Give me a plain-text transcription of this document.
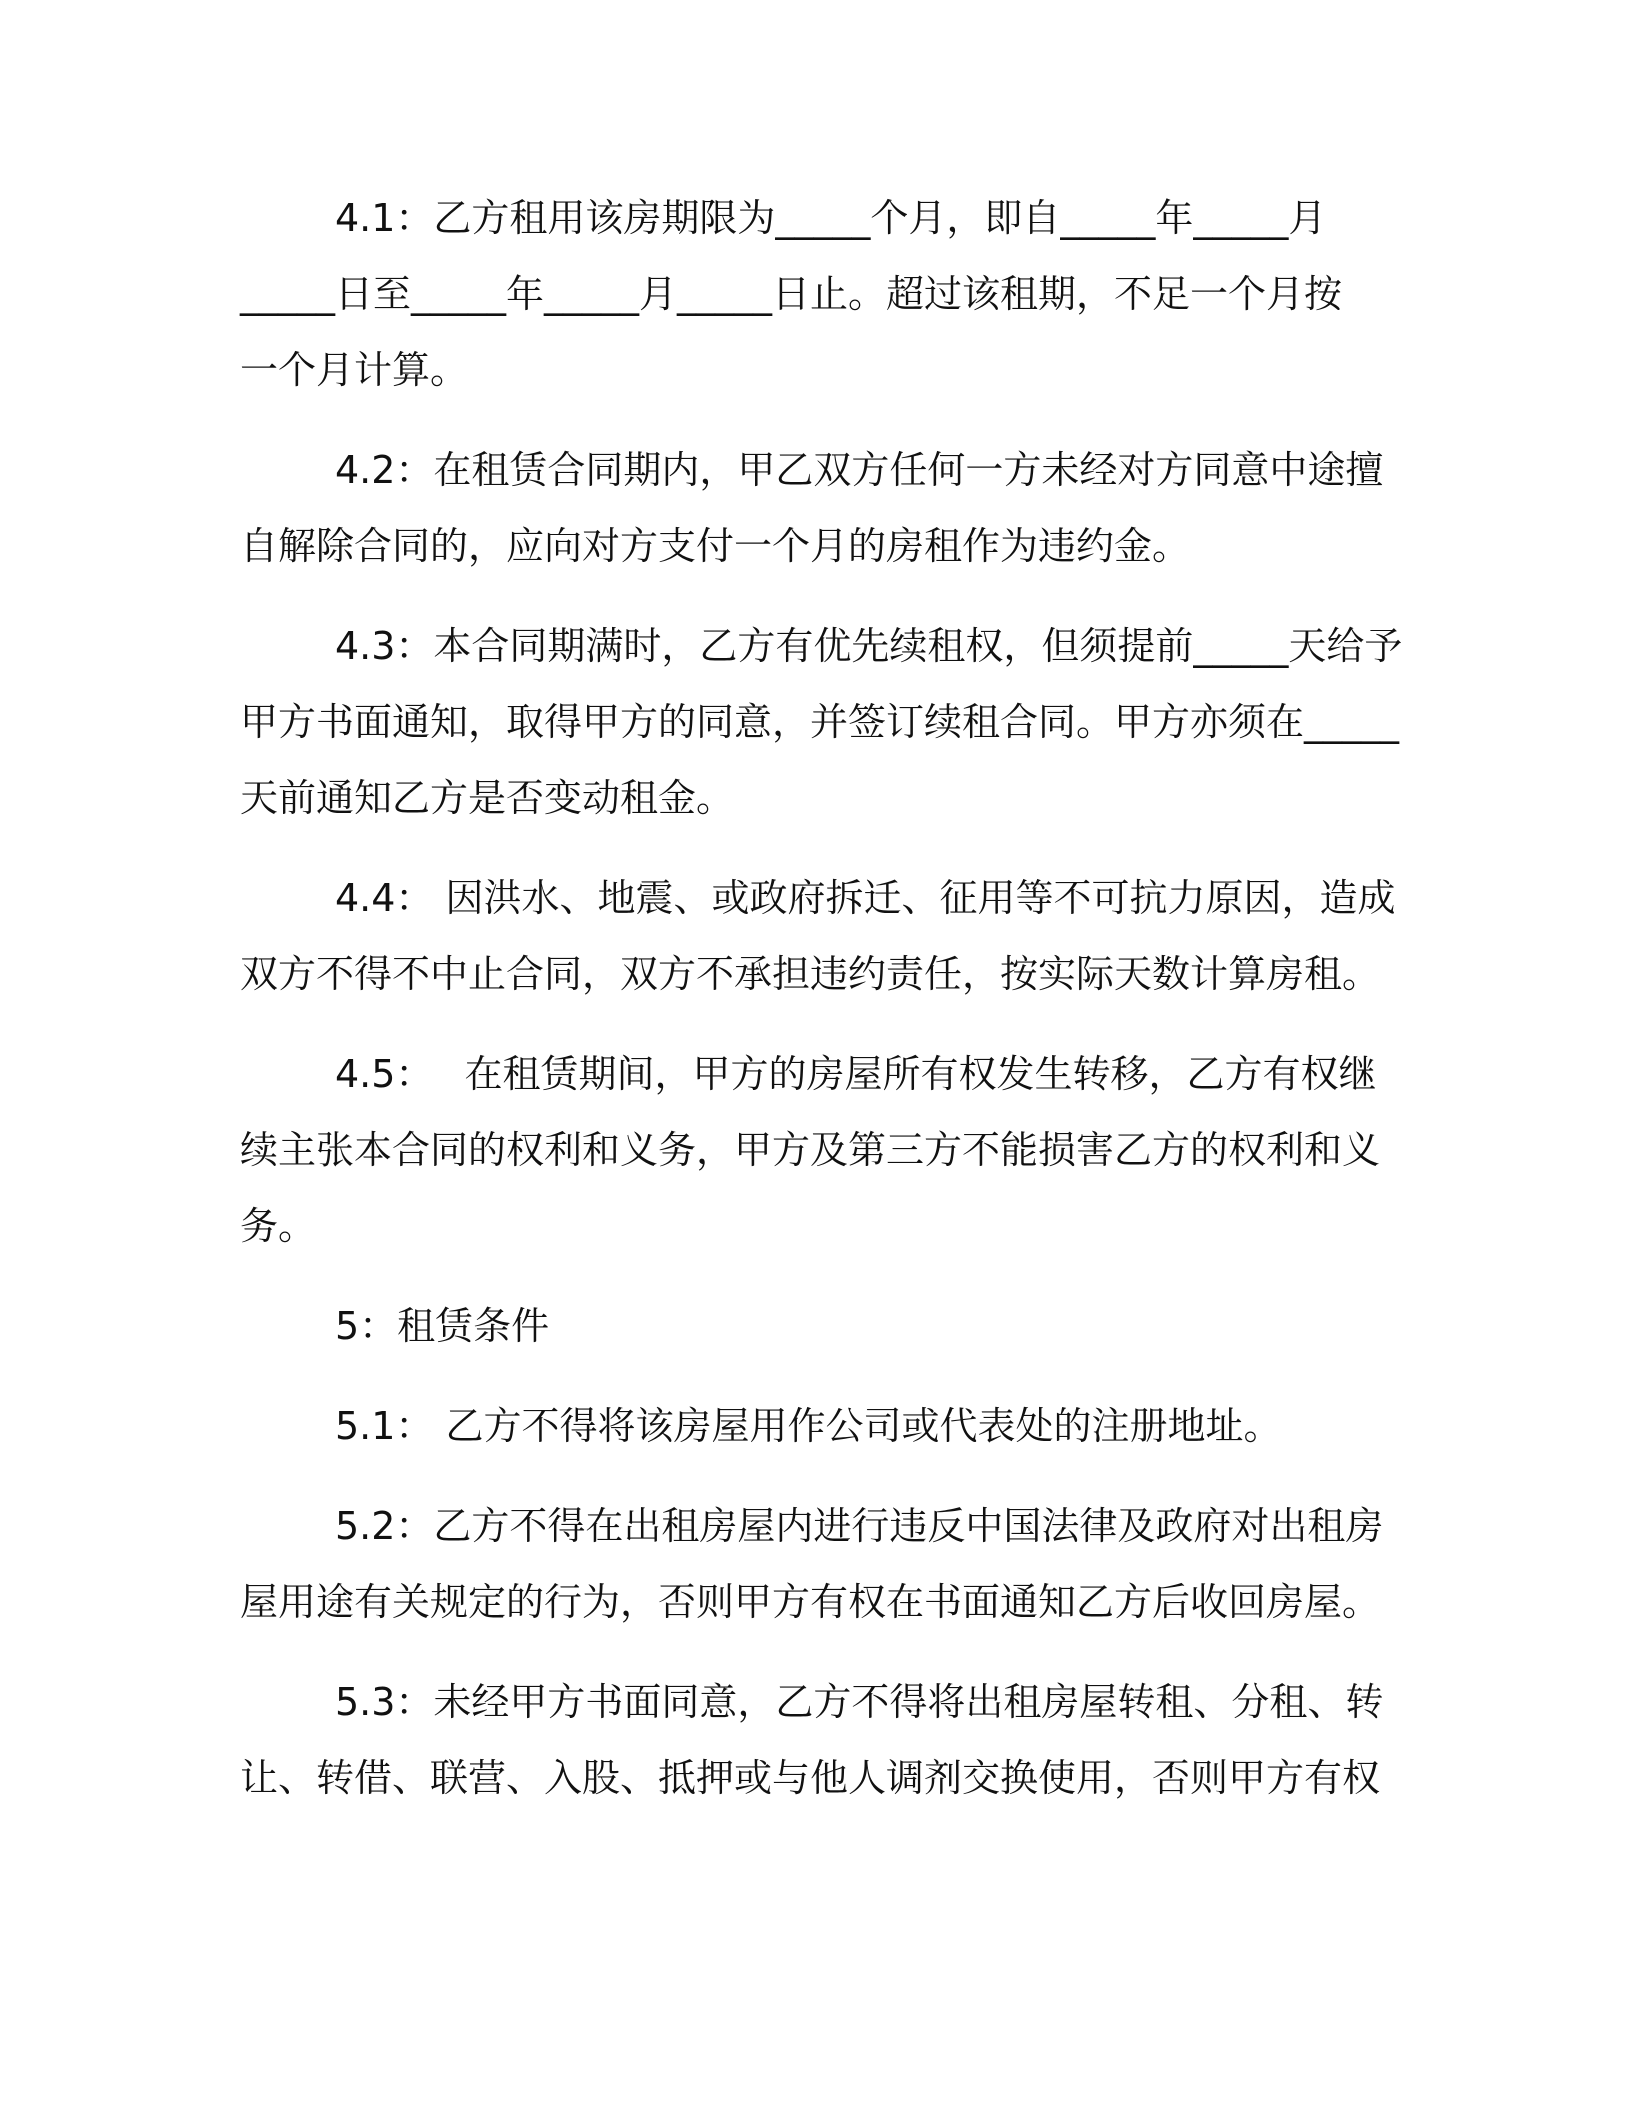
4.1：乙方租用该房期限为_____个月，即自_____年_____月
_____日至_____年_____月_____日止。超过该租期，不足一个月按
一个月计算。
4.2：在租赁合同期内，甲乙双方任何一方未经对方同意中途擅
自解除合同的，应向对方支付一个月的房租作为违约金。
4.3：本合同期满时，乙方有优先续租权，但须提前_____天给予
甲方书面通知，取得甲方的同意，并签订续租合同。甲方亦须在_____
天前通知乙方是否变动租金。
4.4： 因洪水、地震、或政府拆迁、征用等不可抗力原因，造成
双方不得不中止合同，双方不承担违约责任，按实际天数计算房租。
4.5：　 在租赁期间，甲方的房屋所有权发生转移，乙方有权继
续主张本合同的权利和义务，甲方及第三方不能损害乙方的权利和义
务。
5：租赁条件
5.1： 乙方不得将该房屋用作公司或代表处的注册地址。
5.2：乙方不得在出租房屋内进行违反中国法律及政府对出租房
屋用途有关规定的行为，否则甲方有权在书面通知乙方后收回房屋。
5.3：未经甲方书面同意，乙方不得将出租房屋转租、分租、转
让、转借、联营、入股、抵押或与他人调剂交换使用，否则甲方有权
